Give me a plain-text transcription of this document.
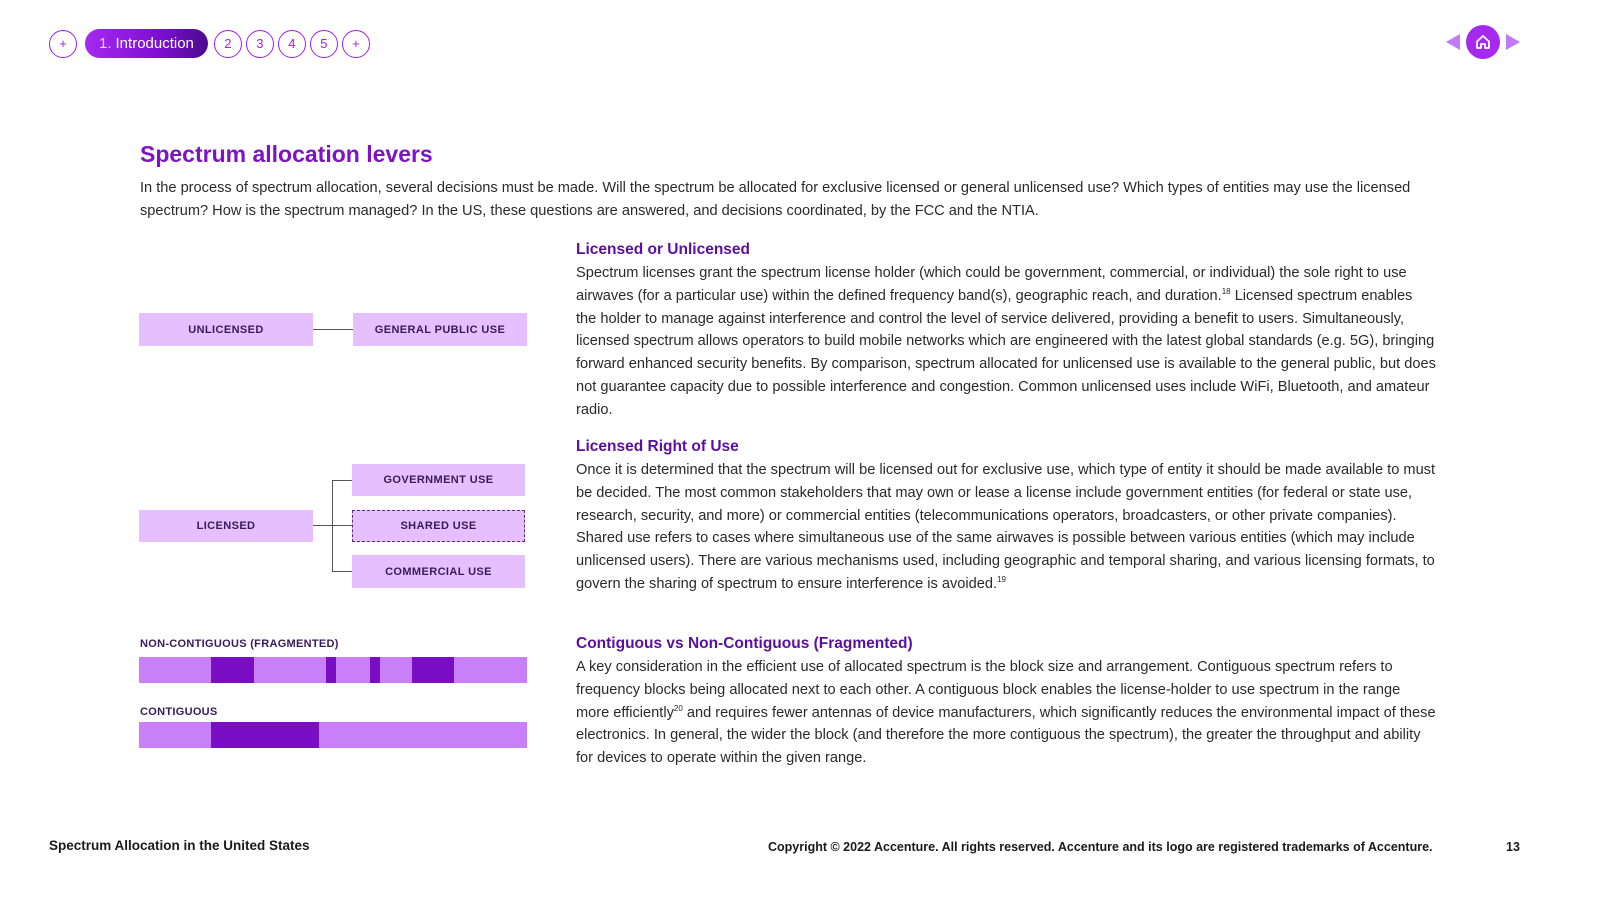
+	1. Introduction	2	3	4	5	+
Spectrum allocation levers

In the process of spectrum allocation, several decisions must be made. Will the spectrum be allocated for exclusive licensed or general unlicensed use? Which types of entities may use the licensed spectrum? How is the spectrum managed? In the US, these questions are answered, and decisions coordinated, by the FCC and the NTIA.

UNLICENSED	GENERAL PUBLIC USE
LICENSED
GOVERNMENT USE
SHARED USE
COMMERCIAL USE
NON-CONTIGUOUS (FRAGMENTED)
CONTIGUOUS
Licensed or Unlicensed

Spectrum licenses grant the spectrum license holder (which could be government, commercial, or individual) the sole right to use airwaves (for a particular use) within the defined frequency band(s), geographic reach, and duration.$^{18}$ Licensed spectrum enables the holder to manage against interference and control the level of service delivered, providing a benefit to users. Simultaneously, licensed spectrum allows operators to build mobile networks which are engineered with the latest global standards (e.g. 5G), bringing forward enhanced security benefits. By comparison, spectrum allocated for unlicensed use is available to the general public, but does not guarantee capacity due to possible interference and congestion. Common unlicensed uses include WiFi, Bluetooth, and amateur radio.

Licensed Right of Use

Once it is determined that the spectrum will be licensed out for exclusive use, which type of entity it should be made available to must be decided. The most common stakeholders that may own or lease a license include government entities (for federal or state use, research, security, and more) or commercial entities (telecommunications operators, broadcasters, or other private companies). Shared use refers to cases where simultaneous use of the same airwaves is possible between various entities (which may include unlicensed users). There are various mechanisms used, including geographic and temporal sharing, and various licensing formats, to govern the sharing of spectrum to ensure interference is avoided.$^{19}$

Contiguous vs Non-Contiguous (Fragmented)

A key consideration in the efficient use of allocated spectrum is the block size and arrangement. Contiguous spectrum refers to frequency blocks being allocated next to each other. A contiguous block enables the license-holder to use spectrum in the range more efficiently$^{20}$ and requires fewer antennas of device manufacturers, which significantly reduces the environmental impact of these electronics. In general, the wider the block (and therefore the more contiguous the spectrum), the greater the throughput and ability for devices to operate within the given range.

Spectrum Allocation in the United States	Copyright © 2022 Accenture. All rights reserved. Accenture and its logo are registered trademarks of Accenture.	13
